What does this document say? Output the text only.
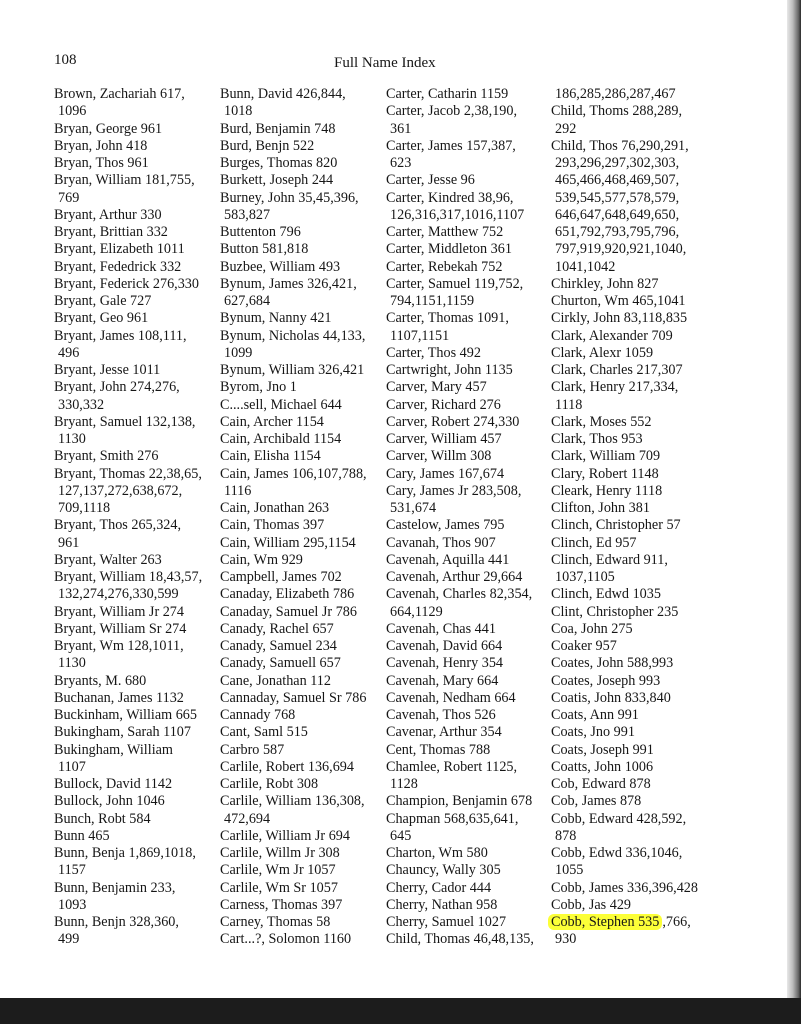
108	Full Name Index
Brown, Zachariah 617,
1096
Bryan, George 961
Bryan, John 418
Bryan, Thos 961
Bryan, William 181,755,
769
Bryant, Arthur 330
Bryant, Brittian 332
Bryant, Elizabeth 1011
Bryant, Fededrick 332
Bryant, Federick 276,330
Bryant, Gale 727
Bryant, Geo 961
Bryant, James 108,111,
496
Bryant, Jesse 1011
Bryant, John 274,276,
330,332
Bryant, Samuel 132,138,
1130
Bryant, Smith 276
Bryant, Thomas 22,38,65,
127,137,272,638,672,
709,1118
Bryant, Thos 265,324,
961
Bryant, Walter 263
Bryant, William 18,43,57,
132,274,276,330,599
Bryant, William Jr 274
Bryant, William Sr 274
Bryant, Wm 128,1011,
1130
Bryants, M. 680
Buchanan, James 1132
Buckinham, William 665
Bukingham, Sarah 1107
Bukingham, William
1107
Bullock, David 1142
Bullock, John 1046
Bunch, Robt 584
Bunn 465
Bunn, Benja 1,869,1018,
1157
Bunn, Benjamin 233,
1093
Bunn, Benjn 328,360,
499
Bunn, David 426,844,
1018
Burd, Benjamin 748
Burd, Benjn 522
Burges, Thomas 820
Burkett, Joseph 244
Burney, John 35,45,396,
583,827
Buttenton 796
Button 581,818
Buzbee, William 493
Bynum, James 326,421,
627,684
Bynum, Nanny 421
Bynum, Nicholas 44,133,
1099
Bynum, William 326,421
Byrom, Jno 1
C....sell, Michael 644
Cain, Archer 1154
Cain, Archibald 1154
Cain, Elisha 1154
Cain, James 106,107,788,
1116
Cain, Jonathan 263
Cain, Thomas 397
Cain, William 295,1154
Cain, Wm 929
Campbell, James 702
Canaday, Elizabeth 786
Canaday, Samuel Jr 786
Canady, Rachel 657
Canady, Samuel 234
Canady, Samuell 657
Cane, Jonathan 112
Cannaday, Samuel Sr 786
Cannady 768
Cant, Saml 515
Carbro 587
Carlile, Robert 136,694
Carlile, Robt 308
Carlile, William 136,308,
472,694
Carlile, William Jr 694
Carlile, Willm Jr 308
Carlile, Wm Jr 1057
Carlile, Wm Sr 1057
Carness, Thomas 397
Carney, Thomas 58
Cart...?, Solomon 1160
Carter, Catharin 1159
Carter, Jacob 2,38,190,
361
Carter, James 157,387,
623
Carter, Jesse 96
Carter, Kindred 38,96,
126,316,317,1016,1107
Carter, Matthew 752
Carter, Middleton 361
Carter, Rebekah 752
Carter, Samuel 119,752,
794,1151,1159
Carter, Thomas 1091,
1107,1151
Carter, Thos 492
Cartwright, John 1135
Carver, Mary 457
Carver, Richard 276
Carver, Robert 274,330
Carver, William 457
Carver, Willm 308
Cary, James 167,674
Cary, James Jr 283,508,
531,674
Castelow, James 795
Cavanah, Thos 907
Cavenah, Aquilla 441
Cavenah, Arthur 29,664
Cavenah, Charles 82,354,
664,1129
Cavenah, Chas 441
Cavenah, David 664
Cavenah, Henry 354
Cavenah, Mary 664
Cavenah, Nedham 664
Cavenah, Thos 526
Cavenar, Arthur 354
Cent, Thomas 788
Chamlee, Robert 1125,
1128
Champion, Benjamin 678
Chapman 568,635,641,
645
Charton, Wm 580
Chauncy, Wally 305
Cherry, Cador 444
Cherry, Nathan 958
Cherry, Samuel 1027
Child, Thomas 46,48,135,
186,285,286,287,467
Child, Thoms 288,289,
292
Child, Thos 76,290,291,
293,296,297,302,303,
465,466,468,469,507,
539,545,577,578,579,
646,647,648,649,650,
651,792,793,795,796,
797,919,920,921,1040,
1041,1042
Chirkley, John 827
Churton, Wm 465,1041
Cirkly, John 83,118,835
Clark, Alexander 709
Clark, Alexr 1059
Clark, Charles 217,307
Clark, Henry 217,334,
1118
Clark, Moses 552
Clark, Thos 953
Clark, William 709
Clary, Robert 1148
Cleark, Henry 1118
Clifton, John 381
Clinch, Christopher 57
Clinch, Ed 957
Clinch, Edward 911,
1037,1105
Clinch, Edwd 1035
Clint, Christopher 235
Coa, John 275
Coaker 957
Coates, John 588,993
Coates, Joseph 993
Coatis, John 833,840
Coats, Ann 991
Coats, Jno 991
Coats, Joseph 991
Coatts, John 1006
Cob, Edward 878
Cob, James 878
Cobb, Edward 428,592,
878
Cobb, Edwd 336,1046,
1055
Cobb, James 336,396,428
Cobb, Jas 429
Cobb, Stephen 535 ,766,
930
